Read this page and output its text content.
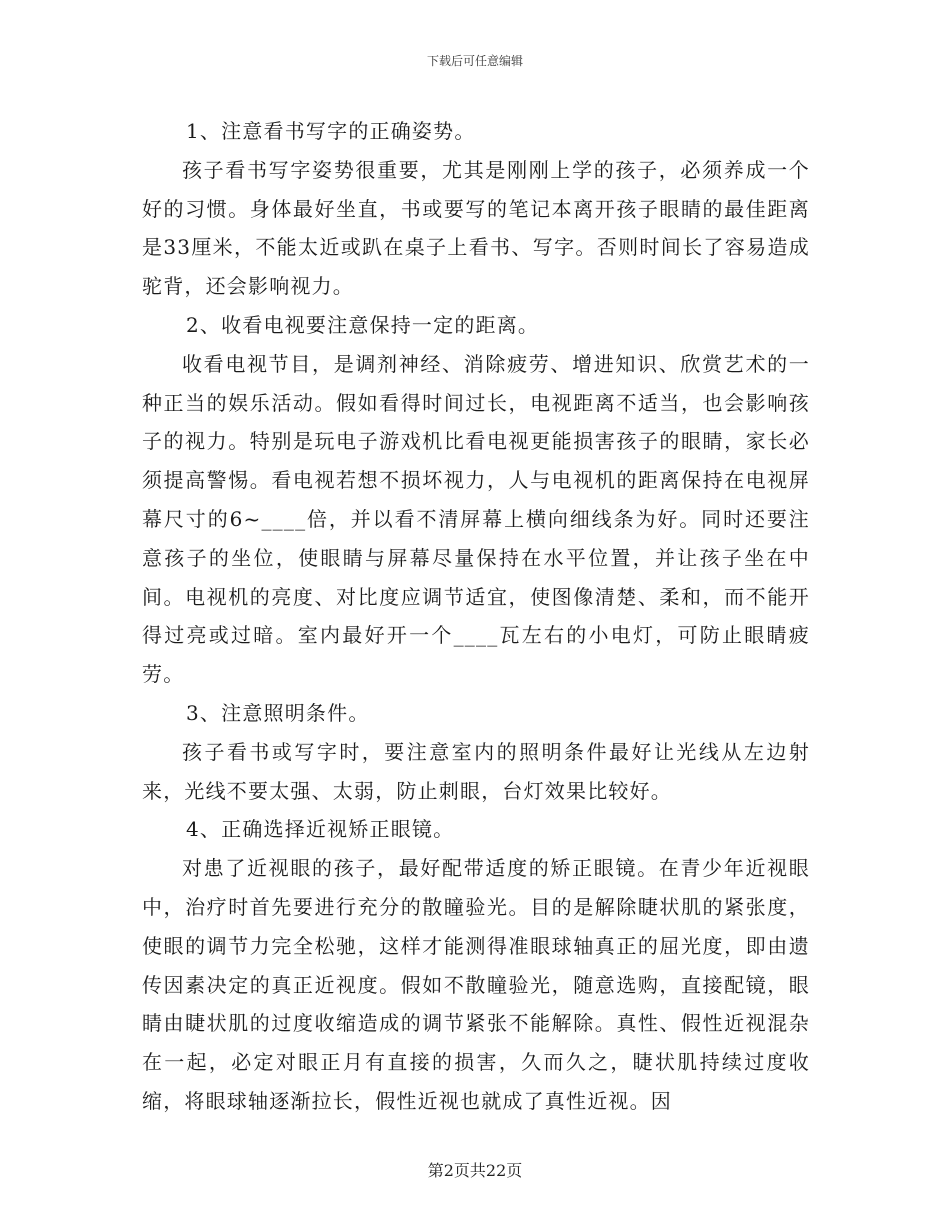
下载后可任意编辑

1、注意看书写字的正确姿势。

孩子看书写字姿势很重要，尤其是刚刚上学的孩子，必须养成一个好的习惯。身体最好坐直，书或要写的笔记本离开孩子眼睛的最佳距离是33厘米，不能太近或趴在桌子上看书、写字。否则时间长了容易造成驼背，还会影响视力。

2、收看电视要注意保持一定的距离。

收看电视节目，是调剂神经、消除疲劳、增进知识、欣赏艺术的一种正当的娱乐活动。假如看得时间过长，电视距离不适当，也会影响孩子的视力。特别是玩电子游戏机比看电视更能损害孩子的眼睛，家长必须提高警惕。看电视若想不损坏视力，人与电视机的距离保持在电视屏幕尺寸的6~____倍，并以看不清屏幕上横向细线条为好。同时还要注意孩子的坐位，使眼睛与屏幕尽量保持在水平位置，并让孩子坐在中间。电视机的亮度、对比度应调节适宜，使图像清楚、柔和，而不能开得过亮或过暗。室内最好开一个____瓦左右的小电灯，可防止眼睛疲劳。

3、注意照明条件。

孩子看书或写字时，要注意室内的照明条件最好让光线从左边射来，光线不要太强、太弱，防止刺眼，台灯效果比较好。

4、正确选择近视矫正眼镜。

对患了近视眼的孩子，最好配带适度的矫正眼镜。在青少年近视眼中，治疗时首先要进行充分的散瞳验光。目的是解除睫状肌的紧张度，使眼的调节力完全松驰，这样才能测得准眼球轴真正的屈光度，即由遗传因素决定的真正近视度。假如不散瞳验光，随意选购，直接配镜，眼睛由睫状肌的过度收缩造成的调节紧张不能解除。真性、假性近视混杂在一起，必定对眼正月有直接的损害，久而久之，睫状肌持续过度收缩，将眼球轴逐渐拉长，假性近视也就成了真性近视。因

第2页共22页
